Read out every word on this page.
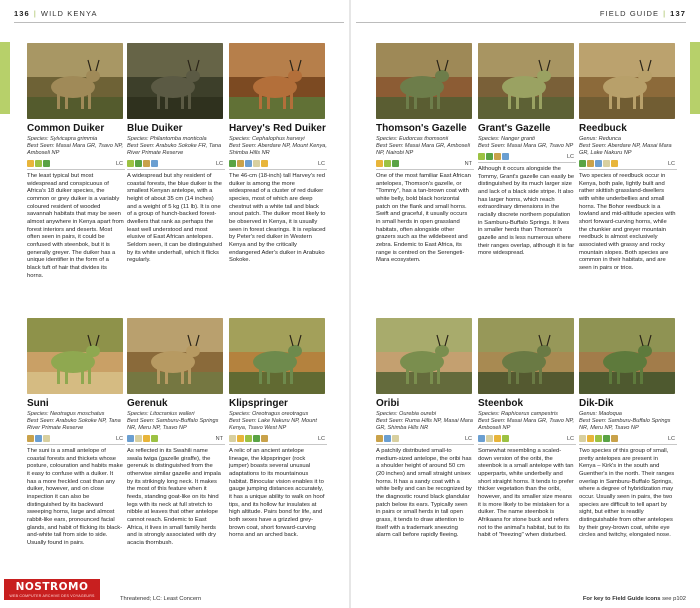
136 | WILD KENYA
Threatened; LC: Least Concern
NOSTROMO
WEB COMPUTER ARCHIVE DES VOYAGEURS
FIELD GUIDE | 137
For key to Field Guide icons see p102
Common Duiker
Species: Sylvicapra grimmia
Best Seen: Masai Mara GR, Tsavo NP, Amboseli NP
LC
The least typical but most widespread and conspicuous of Africa's 18 duiker species, the common or grey duiker is a variably coloured resident of wooded savannah habitats that may be seen almost anywhere in Kenya apart from forest interiors and deserts. Most often seen in pairs, it could be confused with steenbok, but it is generally greyer. The duiker has a unique identifier in the form of a black tuft of hair that divides its horns.
Blue Duiker
Species: Philantomba monticola
Best Seen: Arabuko Sokoke FR, Tana River Primate Reserve
LC
A widespread but shy resident of coastal forests, the blue duiker is the smallest Kenyan antelope, with a height of about 35 cm (14 inches) and a weight of 5 kg (11 lb). It is one of a group of hunch-backed forest-dwellers that rank as perhaps the least well understood and most elusive of East African antelopes. Seldom seen, it can be distinguished by its white underhall, which it flicks regularly.
Harvey's Red Duiker
Species: Cephalophus harveyi
Best Seen: Aberdare NP, Mount Kenya, Shimba Hills NR
LC
The 46-cm (18-inch) tall Harvey's red duiker is among the more widespread of a cluster of red duiker species, most of which are deep chestnut with a white tail and black snout patch. The duiker most likely to be observed in Kenya, it is usually seen in forest clearings. It is replaced by Peter's red duiker in Western Kenya and by the critically endangered Ader's duiker in Arabuko Sokoke.
Suni
Species: Neotragus moschatus
Best Seen: Arabuko Sokoke NP, Tana River Primate Reserve
LC
The suni is a small antelope of coastal forests and thickets whose posture, colouration and habits make it easy to confuse with a duiker. It has a more freckled coat than any duiker, however, and on close inspection it can also be distinguished by its backward sweeping horns, large and almost rabbit-like ears, pronounced facial glands, and habit of flicking its black-and-white tail from side to side. Usually found in pairs.
Gerenuk
Species: Litocranius walleri
Best Seen: Samburu-Buffalo Springs NR, Meru NP, Tsavo NP
NT
As reflected in its Swahili name swala twiga (gazelle giraffe), the gerenuk is distinguished from the otherwise similar gazelle and impala by its strikingly long neck. It makes the most of this feature when it feeds, standing goat-like on its hind legs with its neck at full stretch to nibble at leaves that other antelope cannot reach. Endemic to East Africa, it lives in small family herds and is strongly associated with dry acacia thornbush.
Klipspringer
Species: Oreotragus oreotragus
Best Seen: Lake Nakuru NP, Mount Kenya, Tsavo West NP
LC
A relic of an ancient antelope lineage, the klipspringer (rock jumper) boasts several unusual adaptations to its mountainous habitat. Binocular vision enables it to gauge jumping distances accurately, it has a unique ability to walk on hoof tips, and its hollow fur insulates at high altitude. Pairs bond for life, and both sexes have a grizzled grey-brown coat, short forward-curving horns and an arched back.
Thomson's Gazelle
Species: Eudorcas thomsonii
Best Seen: Masai Mara GR, Amboseli NP, Nairobi NP
NT
One of the most familiar East African antelopes, Thomson's gazelle, or "Tommy", has a tan-brown coat with white belly, bold black horizontal patch on the flank and small horns. Swift and graceful, it usually occurs in small herds in open grassland habitats, often alongside other grazers such as the wildebeest and zebra. Endemic to East Africa, its range is centred on the Serengeti-Mara ecosystem.
Grant's Gazelle
Species: Nanger granti
Best Seen: Masai Mara GR, Tsavo NP
LC
Although it occurs alongside the Tommy, Grant's gazelle can easily be distinguished by its much larger size and lack of a black side stripe. It also has larger horns, which reach extraordinary dimensions in the racially discrete northern population in Samburu-Buffalo Springs. It lives in smaller herds than Thomson's gazelle and is less numerous where their ranges overlap, although it is far more widespread.
Reedbuck
Genus: Redunca
Best Seen: Aberdare NP, Masai Mara GR, Lake Nakuru NP
LC
Two species of reedbuck occur in Kenya, both pale, lightly built and rather skittish grassland-dwellers with white underbellies and small horns. The Bohor reedbuck is a lowland and mid-altitude species with short forward-curving horns, while the chunkier and greyer mountain reedbuck is almost exclusively associated with grassy and rocky mountain slopes. Both species are common in their habitats, and are seen in pairs or trios.
Oribi
Species: Ourebia ourebi
Best Seen: Ruma Hills NP, Masai Mara GR, Shimba Hills NR
LC
A patchily distributed small-to medium-sized antelope, the oribi has a shoulder height of around 50 cm (20 inches) and small straight unisex horns. It has a sandy coat with a white belly and can be recognized by the diagnostic round black glandular patch below its ears. Typically seen in pairs or small herds in tall open grass, it tends to draw attention to itself with a trademark sneezing alarm call before rapidly fleeing.
Steenbok
Species: Raphicerus campestris
Best Seen: Masai Mara GR, Tsavo NP, Amboseli NP
LC
Somewhat resembling a scaled-down version of the oribi, the steenbok is a small antelope with tan upperparts, white underbelly and short straight horns. It tends to prefer thicker vegetation than the oribi, however, and its smaller size means it is more likely to be mistaken for a duiker. The name steenbok is Afrikaans for stone buck and refers not to the animal's habitat, but to its habit of "freezing" when disturbed.
Dik-Dik
Genus: Madoqua
Best Seen: Samburu-Buffalo Springs NR, Meru NP, Tsavo NP
LC
Two species of this group of small, pretty antelopes are present in Kenya – Kirk's in the south and Guenther's in the north. Their ranges overlap in Samburu-Buffalo Springs, where a degree of hybridization may occur. Usually seen in pairs, the two species are difficult to tell apart by sight, but either is readily distinguishable from other antelopes by their grey-brown coat, white eye circles and twitchy, elongated nose.
